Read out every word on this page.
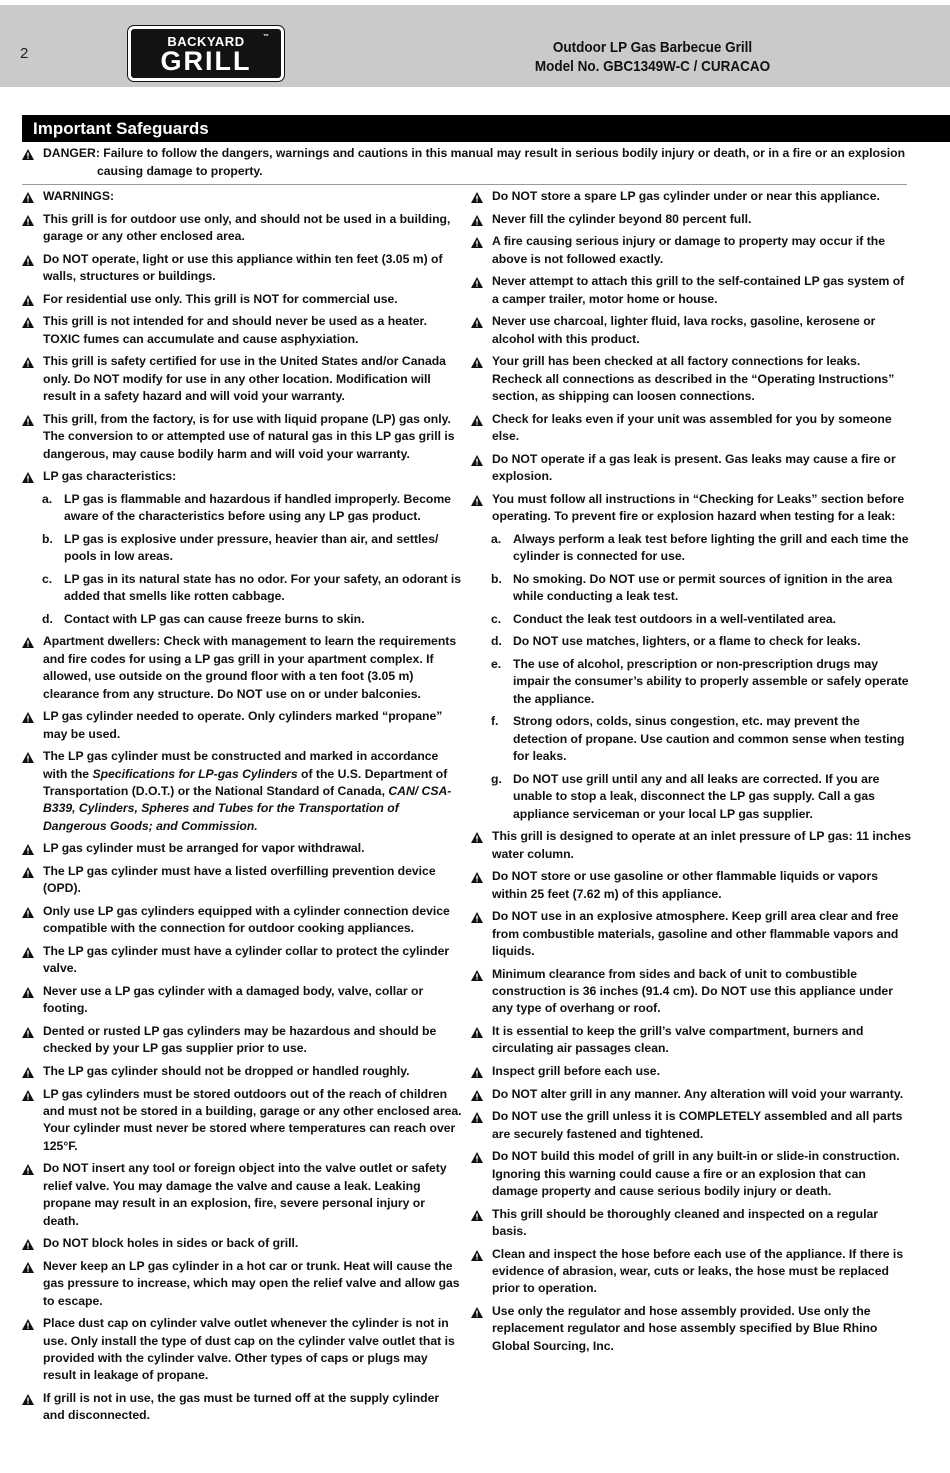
2
BACKYARD	™
GRILL	Outdoor LP Gas Barbecue Grill
Model No. GBC1349W-C / CURACAO
Important Safeguards
DANGER: Failure to follow the dangers, warnings and cautions in this manual may result in serious bodily injury or death, or in a fire or an explosion
causing damage to property.
WARNINGS:
This grill is for outdoor use only, and should not be used in a building, garage or any other enclosed area.
Do NOT operate, light or use this appliance within ten feet (3.05 m) of walls, structures or buildings.
For residential use only. This grill is NOT for commercial use.
This grill is not intended for and should never be used as a heater. TOXIC fumes can accumulate and cause asphyxiation.
This grill is safety certified for use in the United States and/or Canada only. Do NOT modify for use in any other location. Modification will result in a safety hazard and will void your warranty.
This grill, from the factory, is for use with liquid propane (LP) gas only. The conversion to or attempted use of natural gas in this LP gas grill is dangerous, may cause bodily harm and will void your warranty.
LP gas characteristics:
a. LP gas is flammable and hazardous if handled improperly. Become aware of the characteristics before using any LP gas product.
b. LP gas is explosive under pressure, heavier than air, and settles/ pools in low areas.
c. LP gas in its natural state has no odor. For your safety, an odorant is added that smells like rotten cabbage.
d. Contact with LP gas can cause freeze burns to skin.
Apartment dwellers: Check with management to learn the requirements and fire codes for using a LP gas grill in your apartment complex. If allowed, use outside on the ground floor with a ten foot (3.05 m) clearance from any structure. Do NOT use on or under balconies.
LP gas cylinder needed to operate. Only cylinders marked “propane” may be used.
The LP gas cylinder must be constructed and marked in accordance with the Specifications for LP-gas Cylinders of the U.S. Department of Transportation (D.O.T.) or the National Standard of Canada, CAN/ CSA-B339, Cylinders, Spheres and Tubes for the Transportation of Dangerous Goods; and Commission.
LP gas cylinder must be arranged for vapor withdrawal.
The LP gas cylinder must have a listed overfilling prevention device (OPD).
Only use LP gas cylinders equipped with a cylinder connection device compatible with the connection for outdoor cooking appliances.
The LP gas cylinder must have a cylinder collar to protect the cylinder valve.
Never use a LP gas cylinder with a damaged body, valve, collar or footing.
Dented or rusted LP gas cylinders may be hazardous and should be checked by your LP gas supplier prior to use.
The LP gas cylinder should not be dropped or handled roughly.
LP gas cylinders must be stored outdoors out of the reach of children and must not be stored in a building, garage or any other enclosed area. Your cylinder must never be stored where temperatures can reach over 125°F.
Do NOT insert any tool or foreign object into the valve outlet or safety relief valve. You may damage the valve and cause a leak. Leaking propane may result in an explosion, fire, severe personal injury or death.
Do NOT block holes in sides or back of grill.
Never keep an LP gas cylinder in a hot car or trunk. Heat will cause the gas pressure to increase, which may open the relief valve and allow gas to escape.
Place dust cap on cylinder valve outlet whenever the cylinder is not in use. Only install the type of dust cap on the cylinder valve outlet that is provided with the cylinder valve. Other types of caps or plugs may result in leakage of propane.
If grill is not in use, the gas must be turned off at the supply cylinder and disconnected.
Do NOT store a spare LP gas cylinder under or near this appliance.
Never fill the cylinder beyond 80 percent full.
A fire causing serious injury or damage to property may occur if the above is not followed exactly.
Never attempt to attach this grill to the self-contained LP gas system of a camper trailer, motor home or house.
Never use charcoal, lighter fluid, lava rocks, gasoline, kerosene or alcohol with this product.
Your grill has been checked at all factory connections for leaks. Recheck all connections as described in the “Operating Instructions” section, as shipping can loosen connections.
Check for leaks even if your unit was assembled for you by someone else.
Do NOT operate if a gas leak is present. Gas leaks may cause a fire or explosion.
You must follow all instructions in “Checking for Leaks” section before operating. To prevent fire or explosion hazard when testing for a leak:
a. Always perform a leak test before lighting the grill and each time the cylinder is connected for use.
b. No smoking. Do NOT use or permit sources of ignition in the area while conducting a leak test.
c. Conduct the leak test outdoors in a well-ventilated area.
d. Do NOT use matches, lighters, or a flame to check for leaks.
e. The use of alcohol, prescription or non-prescription drugs may impair the consumer’s ability to properly assemble or safely operate the appliance.
f. Strong odors, colds, sinus congestion, etc. may prevent the detection of propane. Use caution and common sense when testing for leaks.
g. Do NOT use grill until any and all leaks are corrected. If you are unable to stop a leak, disconnect the LP gas supply. Call a gas appliance serviceman or your local LP gas supplier.
This grill is designed to operate at an inlet pressure of LP gas: 11 inches water column.
Do NOT store or use gasoline or other flammable liquids or vapors within 25 feet (7.62 m) of this appliance.
Do NOT use in an explosive atmosphere. Keep grill area clear and free from combustible materials, gasoline and other flammable vapors and liquids.
Minimum clearance from sides and back of unit to combustible construction is 36 inches (91.4 cm). Do NOT use this appliance under any type of overhang or roof.
It is essential to keep the grill’s valve compartment, burners and circulating air passages clean.
Inspect grill before each use.
Do NOT alter grill in any manner. Any alteration will void your warranty.
Do NOT use the grill unless it is COMPLETELY assembled and all parts are securely fastened and tightened.
Do NOT build this model of grill in any built-in or slide-in construction. Ignoring this warning could cause a fire or an explosion that can damage property and cause serious bodily injury or death.
This grill should be thoroughly cleaned and inspected on a regular basis.
Clean and inspect the hose before each use of the appliance. If there is evidence of abrasion, wear, cuts or leaks, the hose must be replaced prior to operation.
Use only the regulator and hose assembly provided. Use only the replacement regulator and hose assembly specified by Blue Rhino Global Sourcing, Inc.
